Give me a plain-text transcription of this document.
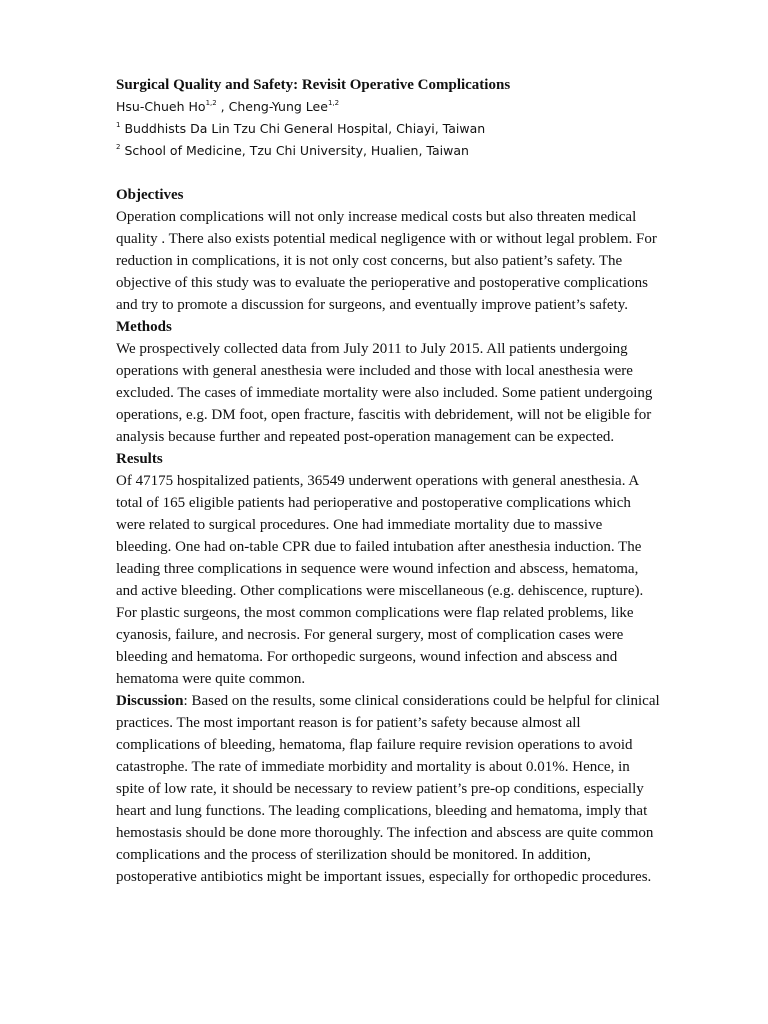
Surgical Quality and Safety: Revisit Operative Complications

Hsu-Chueh Ho$^{1,2}$ , Cheng-Yung Lee$^{1,2}$

$^1$ Buddhists Da Lin Tzu Chi General Hospital, Chiayi, Taiwan

$^2$ School of Medicine, Tzu Chi University, Hualien, Taiwan

Objectives

Operation complications will not only increase medical costs but also threaten medical quality . There also exists potential medical negligence with or without legal problem. For reduction in complications, it is not only cost concerns, but also patient’s safety. The objective of this study was to evaluate the perioperative and postoperative complications and try to promote a discussion for surgeons, and eventually improve patient’s safety.

Methods

We prospectively collected data from July 2011 to July 2015. All patients undergoing operations with general anesthesia were included and those with local anesthesia were excluded. The cases of immediate mortality were also included. Some patient undergoing operations, e.g. DM foot, open fracture, fascitis with debridement, will not be eligible for analysis because further and repeated post-operation management can be expected.

Results

Of 47175 hospitalized patients, 36549 underwent operations with general anesthesia. A total of 165 eligible patients had perioperative and postoperative complications which were related to surgical procedures. One had immediate mortality due to massive bleeding. One had on-table CPR due to failed intubation after anesthesia induction. The leading three complications in sequence were wound infection and abscess, hematoma, and active bleeding. Other complications were miscellaneous (e.g. dehiscence, rupture). For plastic surgeons, the most common complications were flap related problems, like cyanosis, failure, and necrosis. For general surgery, most of complication cases were bleeding and hematoma. For orthopedic surgeons, wound infection and abscess and hematoma were quite common.

Discussion: Based on the results, some clinical considerations could be helpful for clinical practices. The most important reason is for patient’s safety because almost all complications of bleeding, hematoma, flap failure require revision operations to avoid catastrophe. The rate of immediate morbidity and mortality is about 0.01%. Hence, in spite of low rate, it should be necessary to review patient’s pre-op conditions, especially heart and lung functions. The leading complications, bleeding and hematoma, imply that hemostasis should be done more thoroughly. The infection and abscess are quite common complications and the process of sterilization should be monitored. In addition, postoperative antibiotics might be important issues, especially for orthopedic procedures.
